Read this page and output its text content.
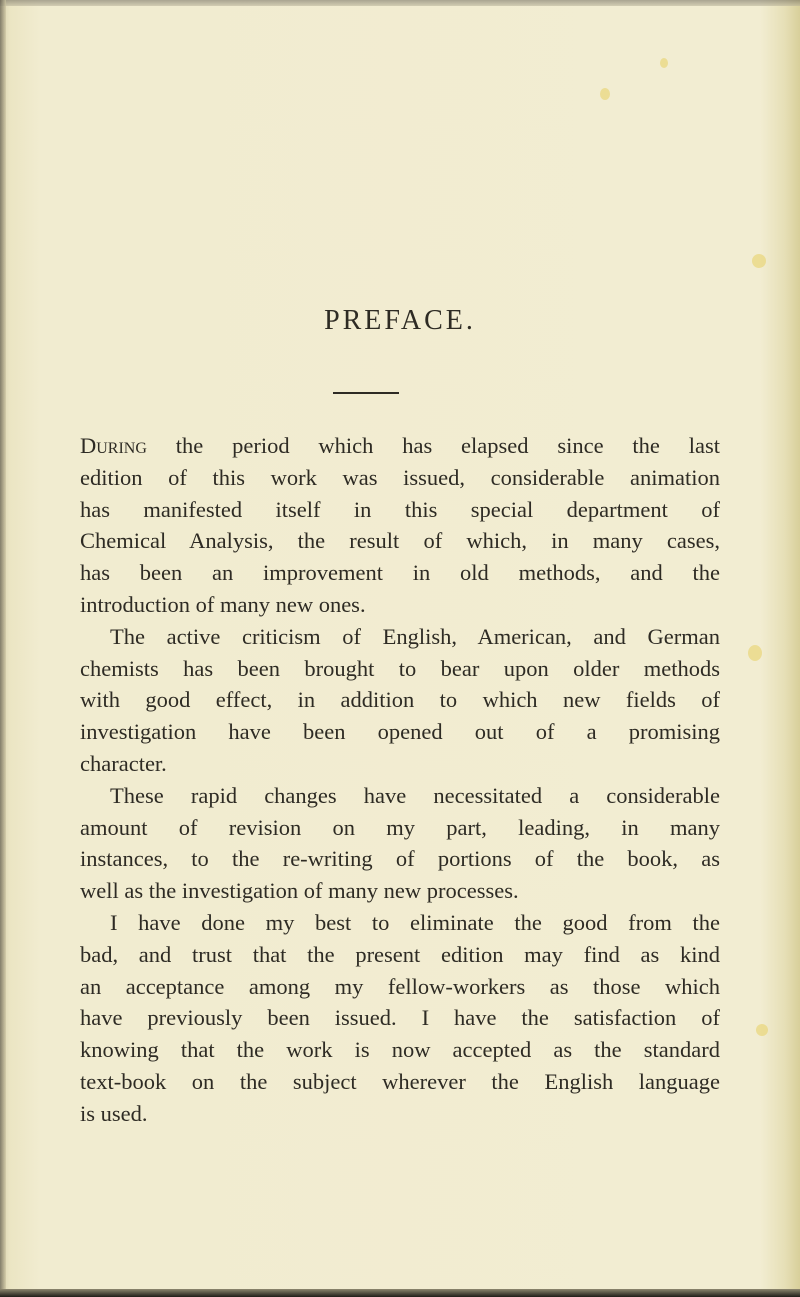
PREFACE.
During the period which has elapsed since the last
edition of this work was issued, considerable animation
has manifested itself in this special department of
Chemical Analysis, the result of which, in many cases,
has been an improvement in old methods, and the
introduction of many new ones.
The active criticism of English, American, and German
chemists has been brought to bear upon older methods
with good effect, in addition to which new fields of
investigation have been opened out of a promising
character.
These rapid changes have necessitated a considerable
amount of revision on my part, leading, in many
instances, to the re-writing of portions of the book, as
well as the investigation of many new processes.
I have done my best to eliminate the good from the
bad, and trust that the present edition may find as kind
an acceptance among my fellow-workers as those which
have previously been issued. I have the satisfaction of
knowing that the work is now accepted as the standard
text-book on the subject wherever the English language
is used.
